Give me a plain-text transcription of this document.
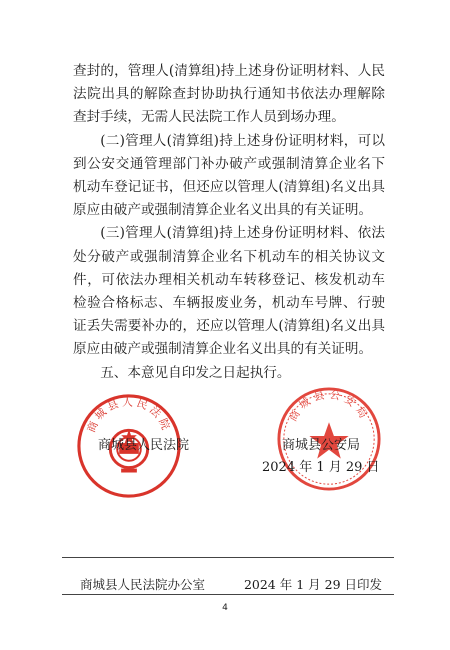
查封的，管理人(清算组)持上述身份证明材料、人民法院出具的解除查封协助执行通知书依法办理解除查封手续，无需人民法院工作人员到场办理。

(二)管理人(清算组)持上述身份证明材料，可以到公安交通管理部门补办破产或强制清算企业名下机动车登记证书，但还应以管理人(清算组)名义出具原应由破产或强制清算企业名义出具的有关证明。

(三)管理人(清算组)持上述身份证明材料、依法处分破产或强制清算企业名下机动车的相关协议文件，可依法办理相关机动车转移登记、核发机动车检验合格标志、车辆报废业务，机动车号牌、行驶证丢失需要补办的，还应以管理人(清算组)名义出具原应由破产或强制清算企业名义出具的有关证明。

五、本意见自印发之日起执行。

商城县人民法院
商城县公安局
商城县人民法院	商城县公安局
2024 年 1 月 29 日
商城县人民法院办公室	2024 年 1 月 29 日印发
4
